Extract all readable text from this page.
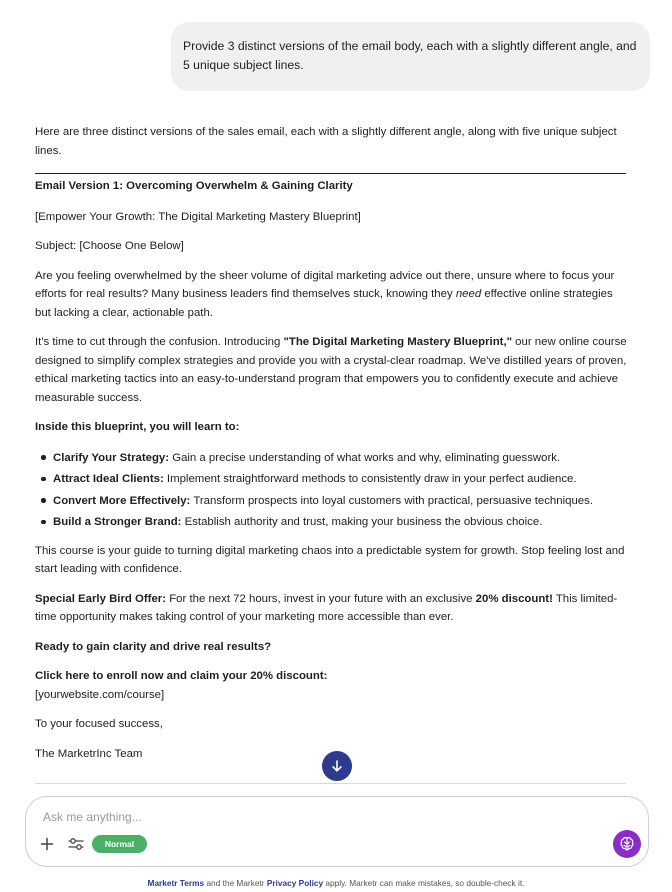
Provide 3 distinct versions of the email body, each with a slightly different angle, and 5 unique subject lines.

Here are three distinct versions of the sales email, each with a slightly different angle, along with five unique subject lines.

Email Version 1: Overcoming Overwhelm & Gaining Clarity

[Empower Your Growth: The Digital Marketing Mastery Blueprint]

Subject: [Choose One Below]

Are you feeling overwhelmed by the sheer volume of digital marketing advice out there, unsure where to focus your efforts for real results? Many business leaders find themselves stuck, knowing they need effective online strategies but lacking a clear, actionable path.

It's time to cut through the confusion. Introducing "The Digital Marketing Mastery Blueprint," our new online course designed to simplify complex strategies and provide you with a crystal-clear roadmap. We've distilled years of proven, ethical marketing tactics into an easy-to-understand program that empowers you to confidently execute and achieve measurable success.

Inside this blueprint, you will learn to:

Clarify Your Strategy: Gain a precise understanding of what works and why, eliminating guesswork.
Attract Ideal Clients: Implement straightforward methods to consistently draw in your perfect audience.
Convert More Effectively: Transform prospects into loyal customers with practical, persuasive techniques.
Build a Stronger Brand: Establish authority and trust, making your business the obvious choice.

This course is your guide to turning digital marketing chaos into a predictable system for growth. Stop feeling lost and start leading with confidence.

Special Early Bird Offer: For the next 72 hours, invest in your future with an exclusive 20% discount! This limited-time opportunity makes taking control of your marketing more accessible than ever.

Ready to gain clarity and drive real results?

Click here to enroll now and claim your 20% discount:

[yourwebsite.com/course]

To your focused success,

The MarketrInc Team

Ask me anything...
Normal
Marketr Terms and the Marketr Privacy Policy apply. Marketr can make mistakes, so double-check it.
